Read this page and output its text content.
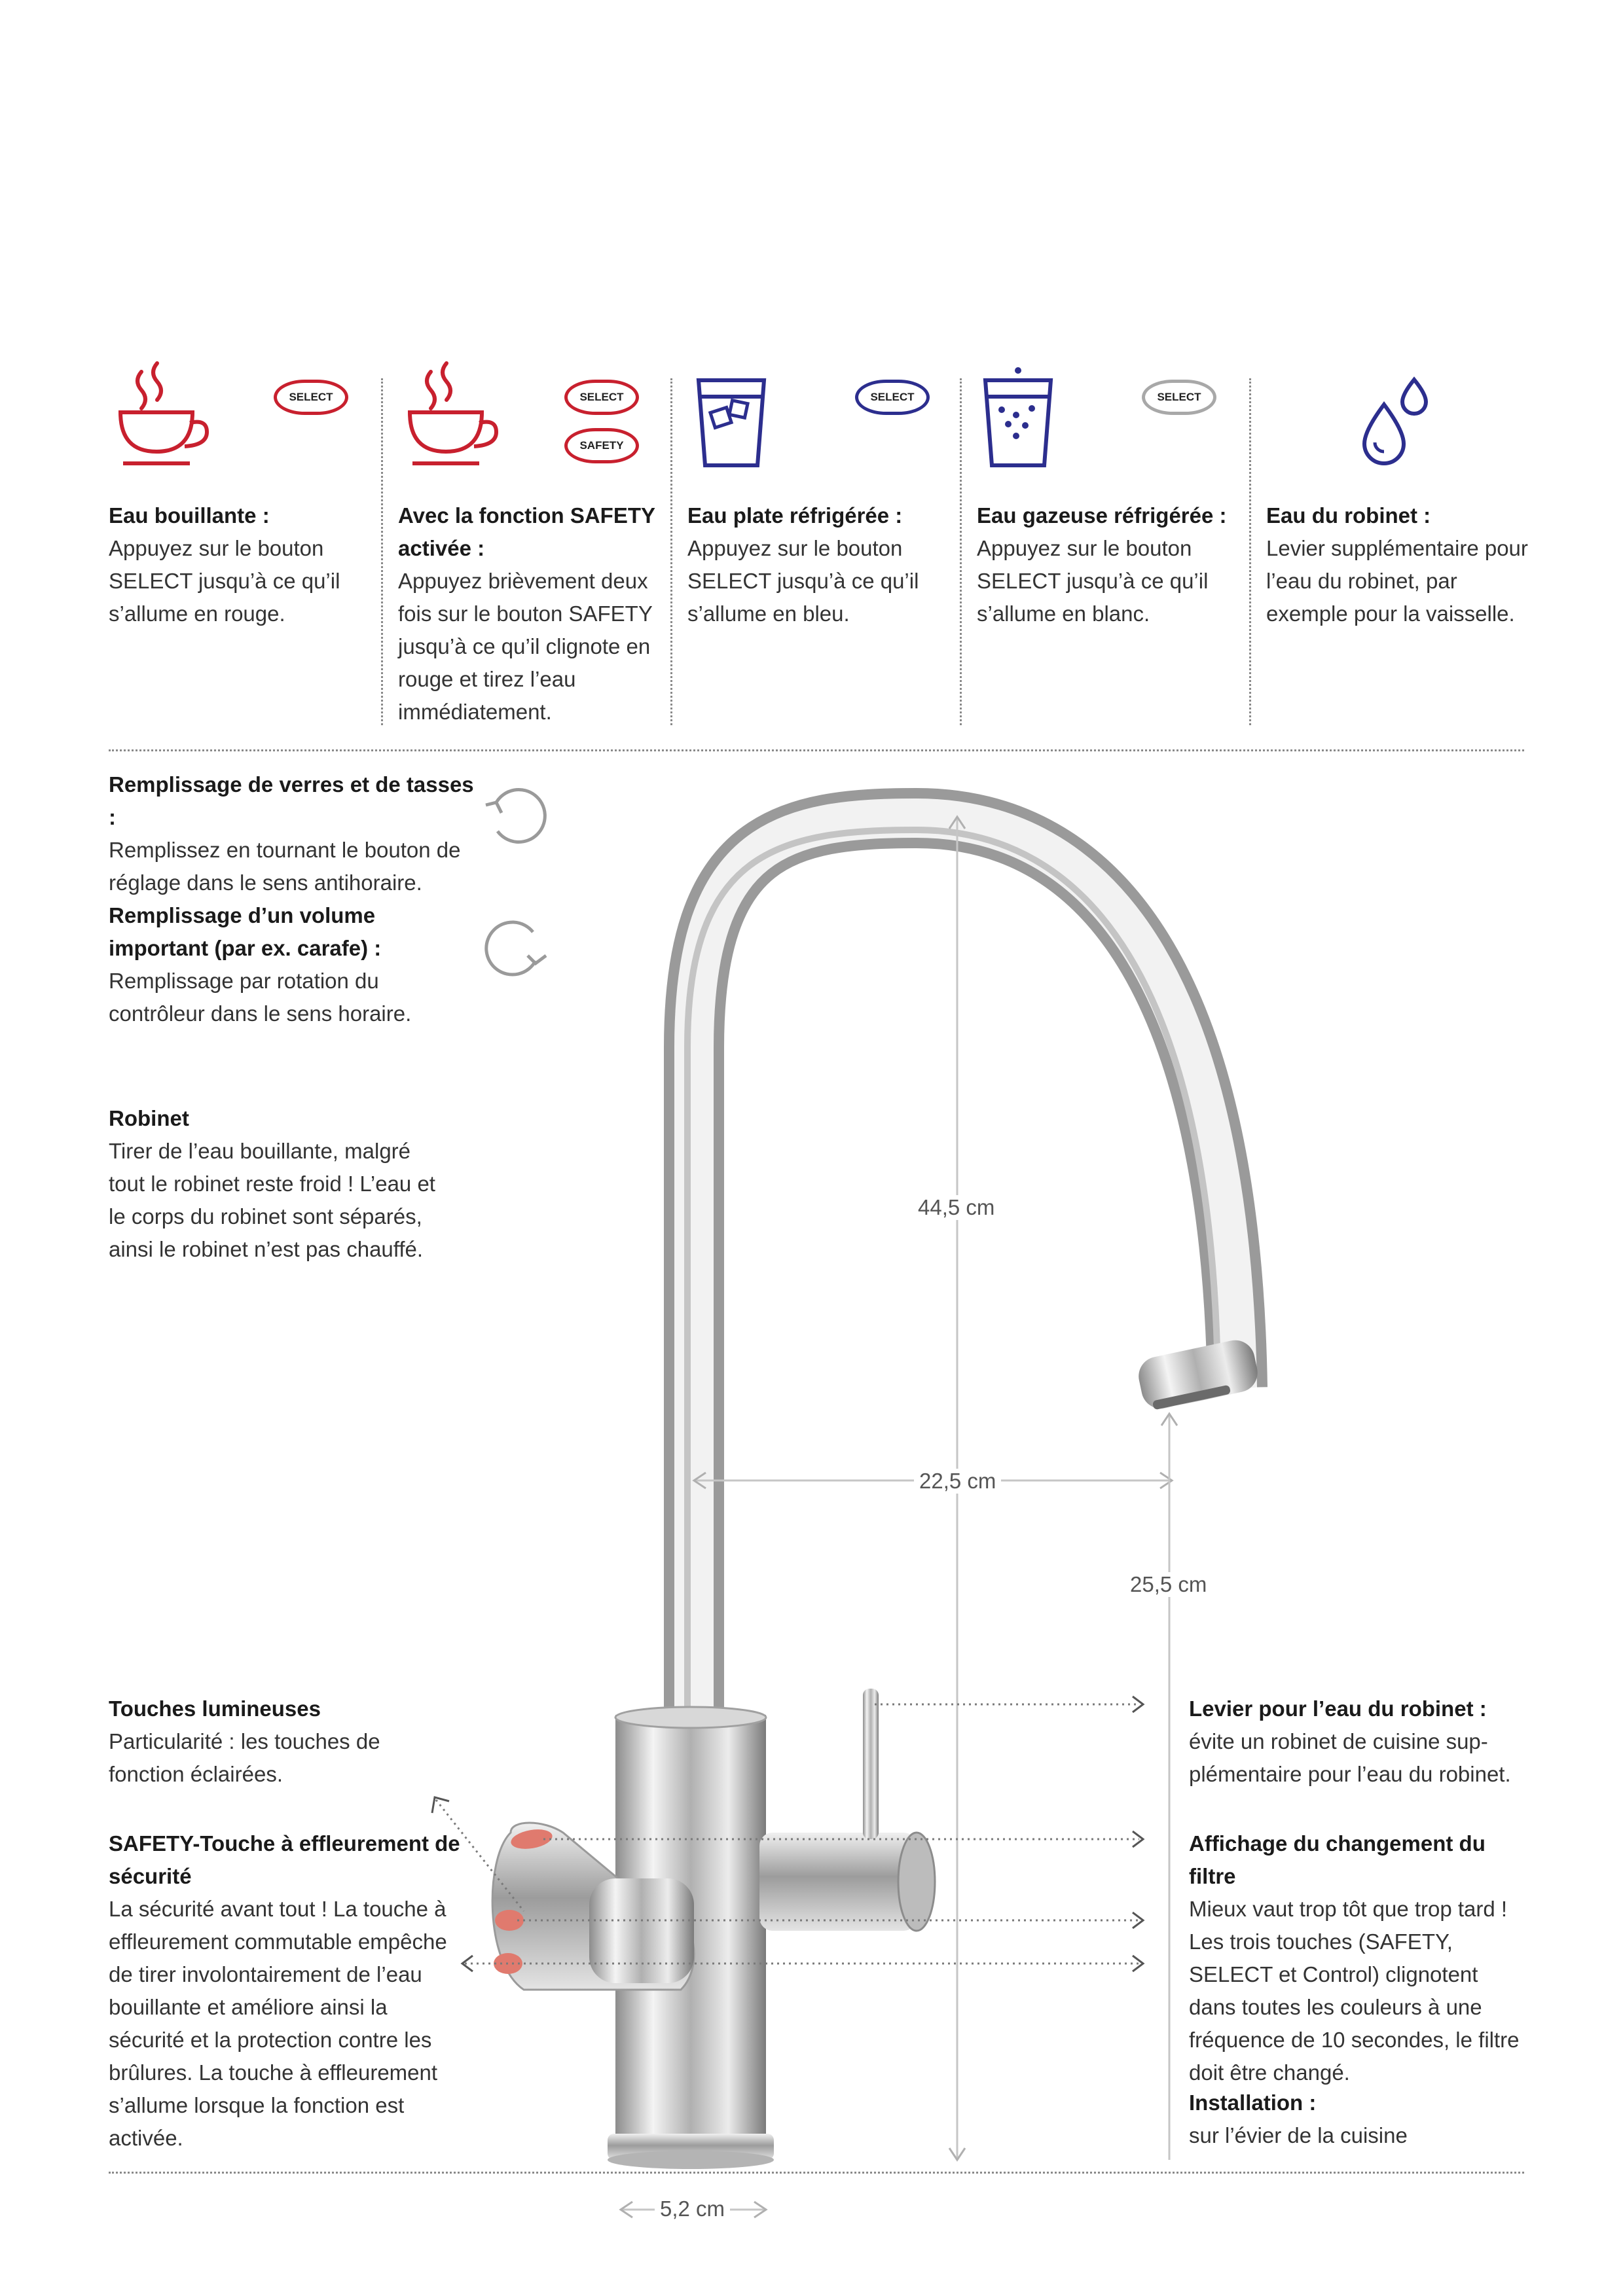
SELECT	SELECT
SAFETY
SELECT	SELECT
Eau bouillante :
Appuyez sur le bouton SELECT jusqu’à ce qu’il s’allume en rouge.
Avec la fonction SAFETY activée :
Appuyez brièvement deux fois sur le bouton SAFETY jusqu’à ce qu’il clignote en rouge et tirez l’eau immédiatement.
Eau plate réfrigérée :
Appuyez sur le bouton SELECT jusqu’à ce qu’il s’allume en bleu.
Eau gazeuse réfrigérée :
Appuyez sur le bouton SELECT jusqu’à ce qu’il s’allume en blanc.
Eau du robinet :
Levier supplémentaire pour l’eau du robinet, par exemple pour la vaisselle.
Remplissage de verres et de tasses :
Remplissez en tournant le bouton de réglage dans le sens antihoraire.
Remplissage d’un volume important (par ex. carafe) :
Remplissage par rotation du contrôleur dans le sens horaire.
Robinet
Tirer de l’eau bouillante, malgré tout le robinet reste froid ! L’eau et le corps du robinet sont séparés, ainsi le robinet n’est pas chauffé.
Touches lumineuses
Particularité : les touches de fonction éclairées.
SAFETY-Touche à effleurement de sécurité
La sécurité avant tout ! La touche à effleurement commutable empêche de tirer involontairement de l’eau bouillante et améliore ainsi la sécurité et la protection contre les brûlures. La touche à effleurement s’allume lorsque la fonction est activée.
Levier pour l’eau du robinet :
évite un robinet de cuisine supplémentaire pour l’eau du robinet.
Affichage du changement du filtre
Mieux vaut trop tôt que trop tard ! Les trois touches (SAFETY, SELECT et Control) clignotent dans toutes les couleurs à une fréquence de 10 secondes, le filtre doit être changé.
Installation :
sur l’évier de la cuisine
44,5 cm
22,5 cm
25,5 cm
5,2 cm
